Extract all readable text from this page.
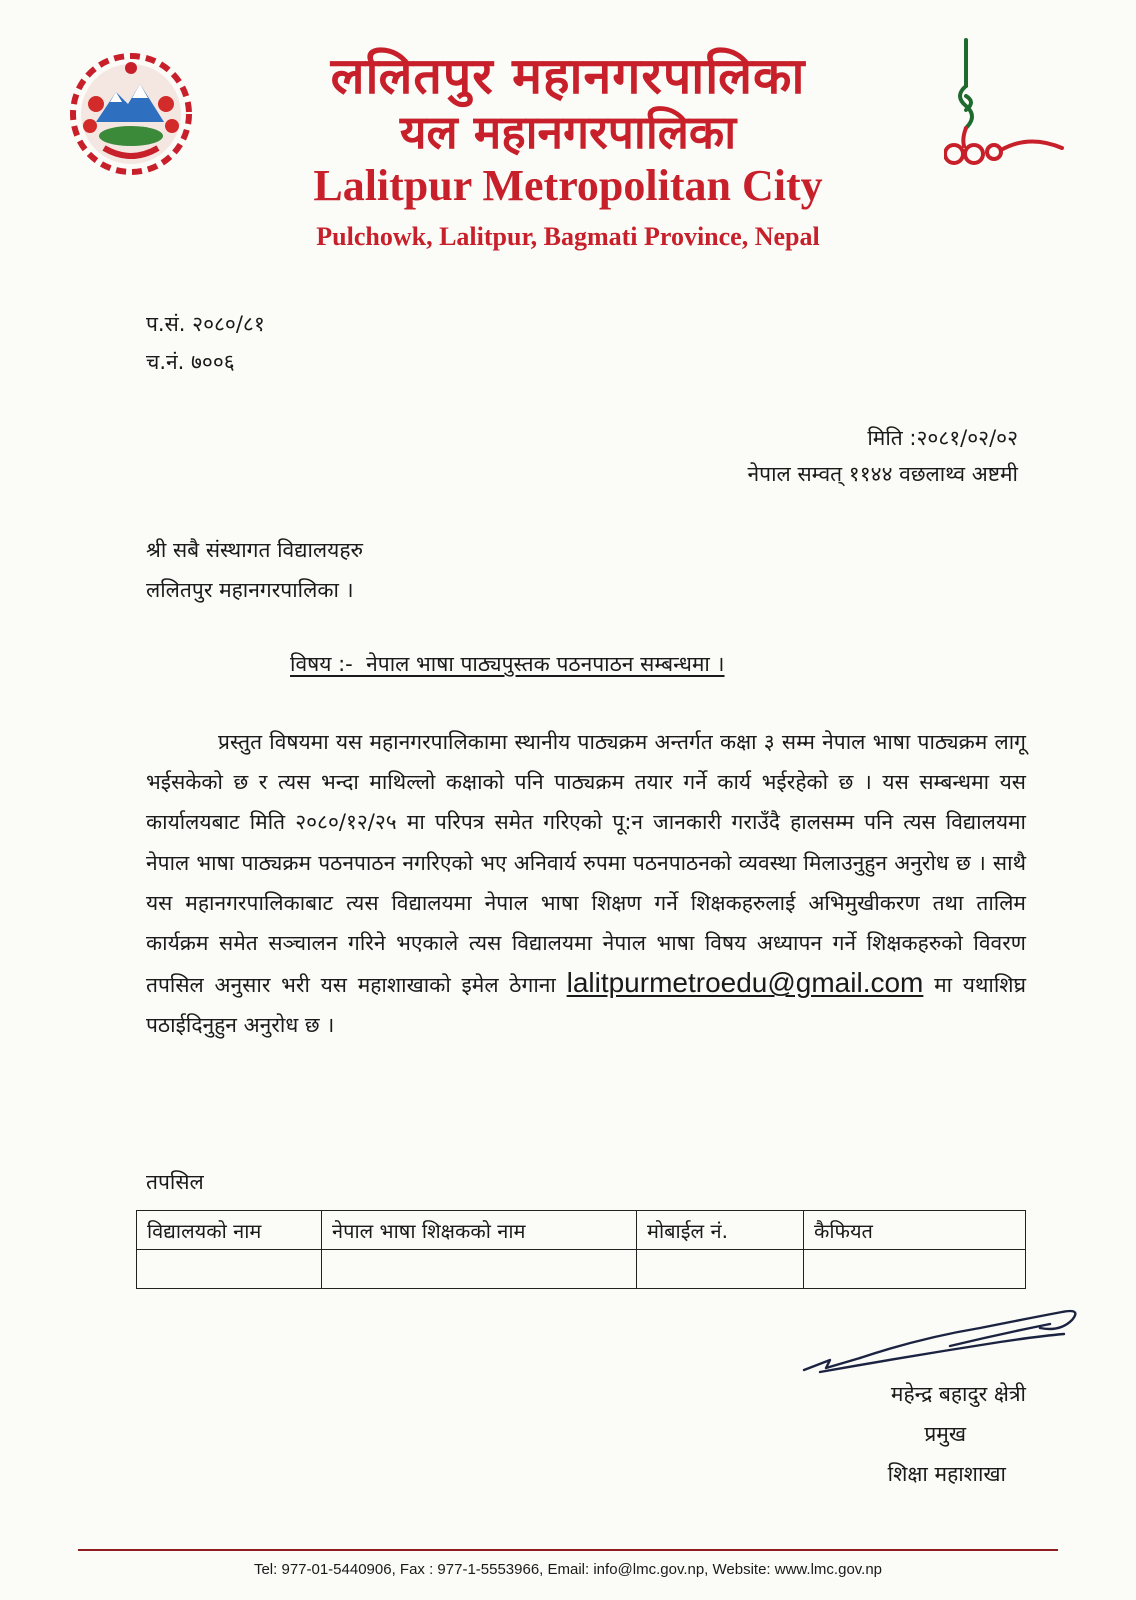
ललितपुर महानगरपालिका
यल महानगरपालिका
Lalitpur Metropolitan City
Pulchowk, Lalitpur, Bagmati Province, Nepal
प.सं. २०८०/८१
च.नं. ७००६
मिति :२०८१/०२/०२
नेपाल सम्वत् ११४४ वछलाथ्व अष्टमी
श्री सबै संस्थागत विद्यालयहरु
ललितपुर महानगरपालिका ।
विषय :-  नेपाल भाषा पाठ्यपुस्तक पठनपाठन सम्बन्धमा ।
प्रस्तुत विषयमा यस महानगरपालिकामा स्थानीय पाठ्यक्रम अन्तर्गत कक्षा ३ सम्म नेपाल भाषा पाठ्यक्रम लागू भईसकेको छ र त्यस भन्दा माथिल्लो कक्षाको पनि पाठ्यक्रम तयार गर्ने कार्य भईरहेको छ । यस सम्बन्धमा यस कार्यालयबाट मिति २०८०/१२/२५ मा परिपत्र समेत गरिएको पू:न जानकारी गराउँदै हालसम्म पनि त्यस विद्यालयमा नेपाल भाषा पाठ्यक्रम पठनपाठन नगरिएको भए अनिवार्य रुपमा पठनपाठनको व्यवस्था मिलाउनुहुन अनुरोध छ । साथै यस महानगरपालिकाबाट त्यस विद्यालयमा नेपाल भाषा शिक्षण गर्ने शिक्षकहरुलाई अभिमुखीकरण तथा तालिम कार्यक्रम समेत सञ्चालन गरिने भएकाले त्यस विद्यालयमा नेपाल भाषा विषय अध्यापन गर्ने शिक्षकहरुको विवरण तपसिल अनुसार भरी यस महाशाखाको इमेल ठेगाना lalitpurmetroedu@gmail.com मा यथाशिघ्र पठाईदिनुहुन अनुरोध छ ।
तपसिल
विद्यालयको नाम	नेपाल भाषा शिक्षकको नाम	मोबाईल नं.	कैफियत

महेन्द्र बहादुर क्षेत्री
प्रमुख
शिक्षा महाशाखा
Tel: 977-01-5440906, Fax : 977-1-5553966, Email: info@lmc.gov.np, Website: www.lmc.gov.np
